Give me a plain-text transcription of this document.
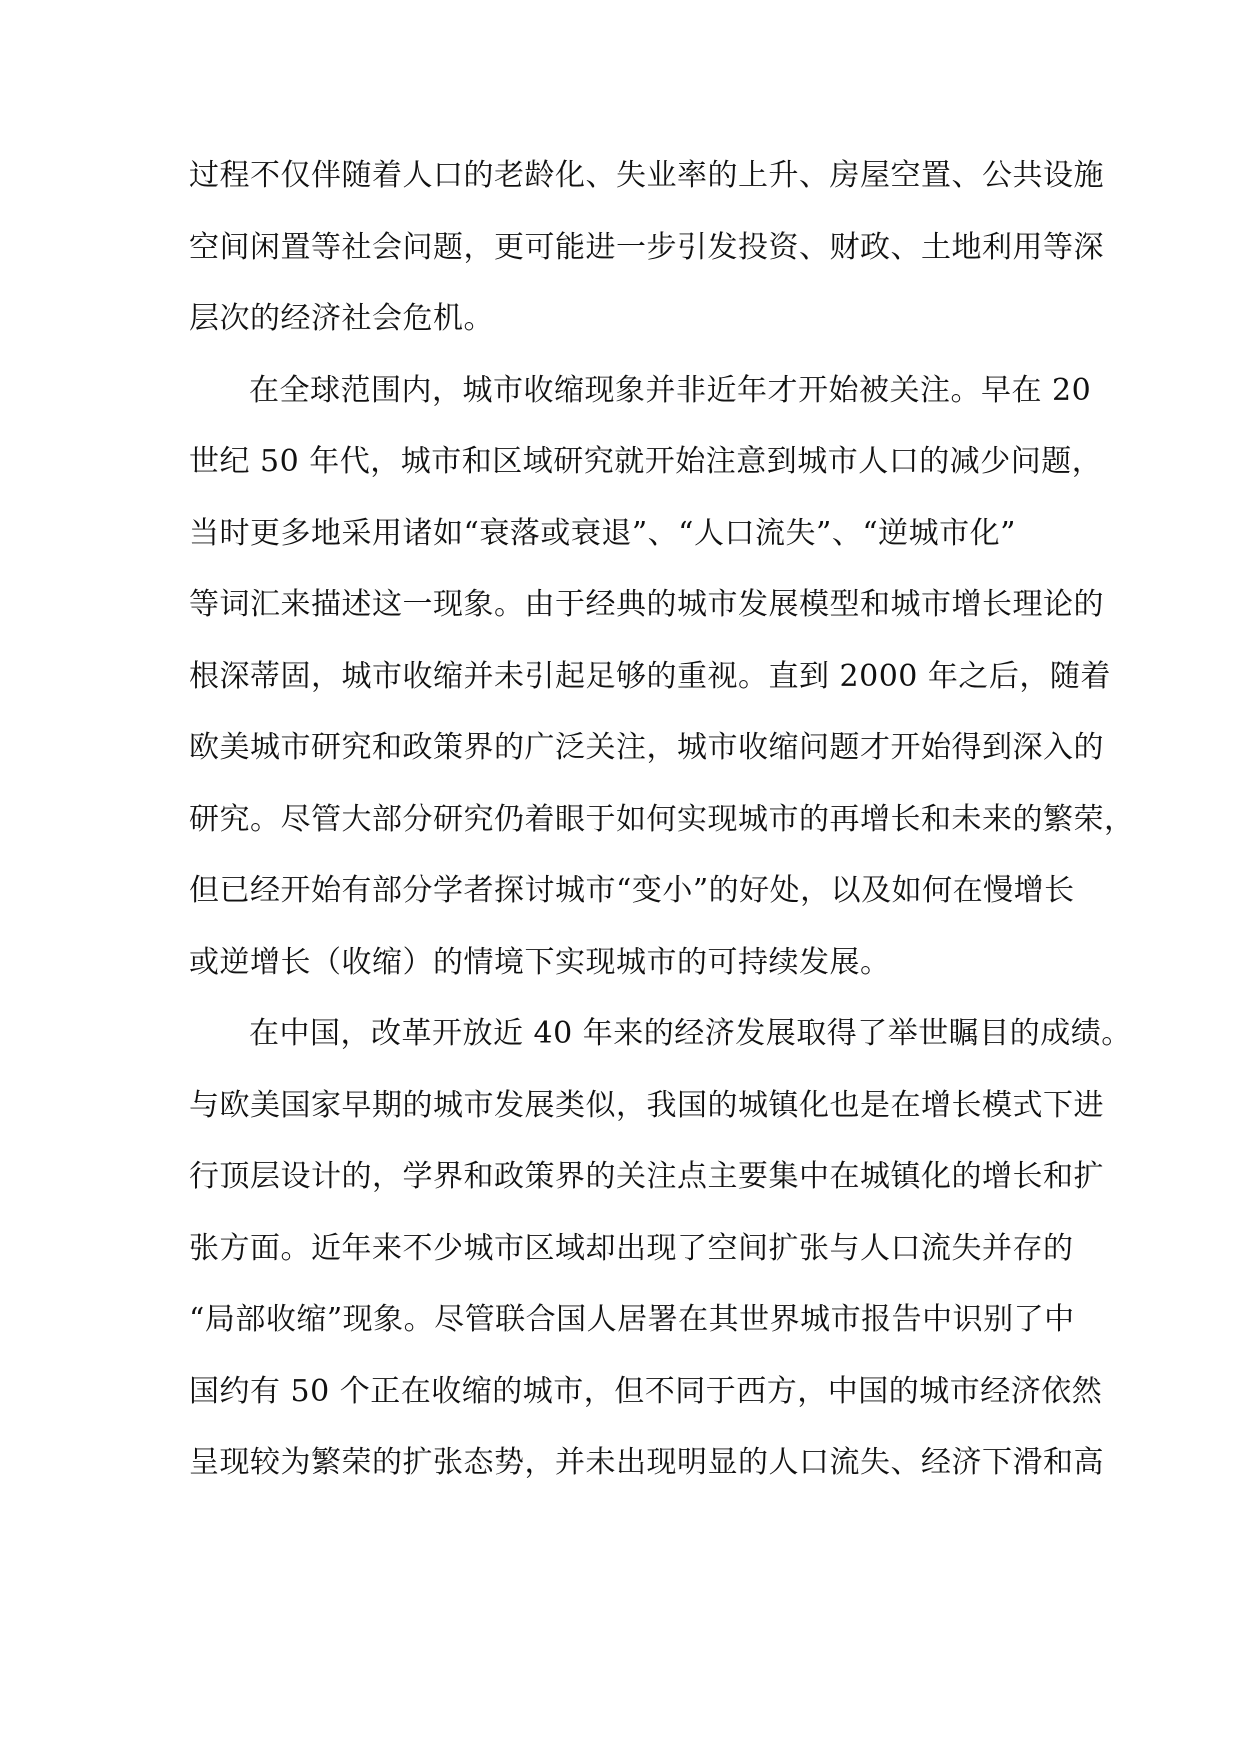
过程不仅伴随着人口的老龄化、失业率的上升、房屋空置、公共设施
空间闲置等社会问题，更可能进一步引发投资、财政、土地利用等深
层次的经济社会危机。
在全球范围内，城市收缩现象并非近年才开始被关注。早在 20
世纪 50 年代，城市和区域研究就开始注意到城市人口的减少问题，
当时更多地采用诸如“衰落或衰退”、“人口流失”、“逆城市化”
等词汇来描述这一现象。由于经典的城市发展模型和城市增长理论的
根深蒂固，城市收缩并未引起足够的重视。直到 2000 年之后，随着
欧美城市研究和政策界的广泛关注，城市收缩问题才开始得到深入的
研究。尽管大部分研究仍着眼于如何实现城市的再增长和未来的繁荣，
但已经开始有部分学者探讨城市“变小”的好处，以及如何在慢增长
或逆增长（收缩）的情境下实现城市的可持续发展。
在中国，改革开放近 40 年来的经济发展取得了举世瞩目的成绩。
与欧美国家早期的城市发展类似，我国的城镇化也是在增长模式下进
行顶层设计的，学界和政策界的关注点主要集中在城镇化的增长和扩
张方面。近年来不少城市区域却出现了空间扩张与人口流失并存的
“局部收缩”现象。尽管联合国人居署在其世界城市报告中识别了中
国约有 50 个正在收缩的城市，但不同于西方，中国的城市经济依然
呈现较为繁荣的扩张态势，并未出现明显的人口流失、经济下滑和高
